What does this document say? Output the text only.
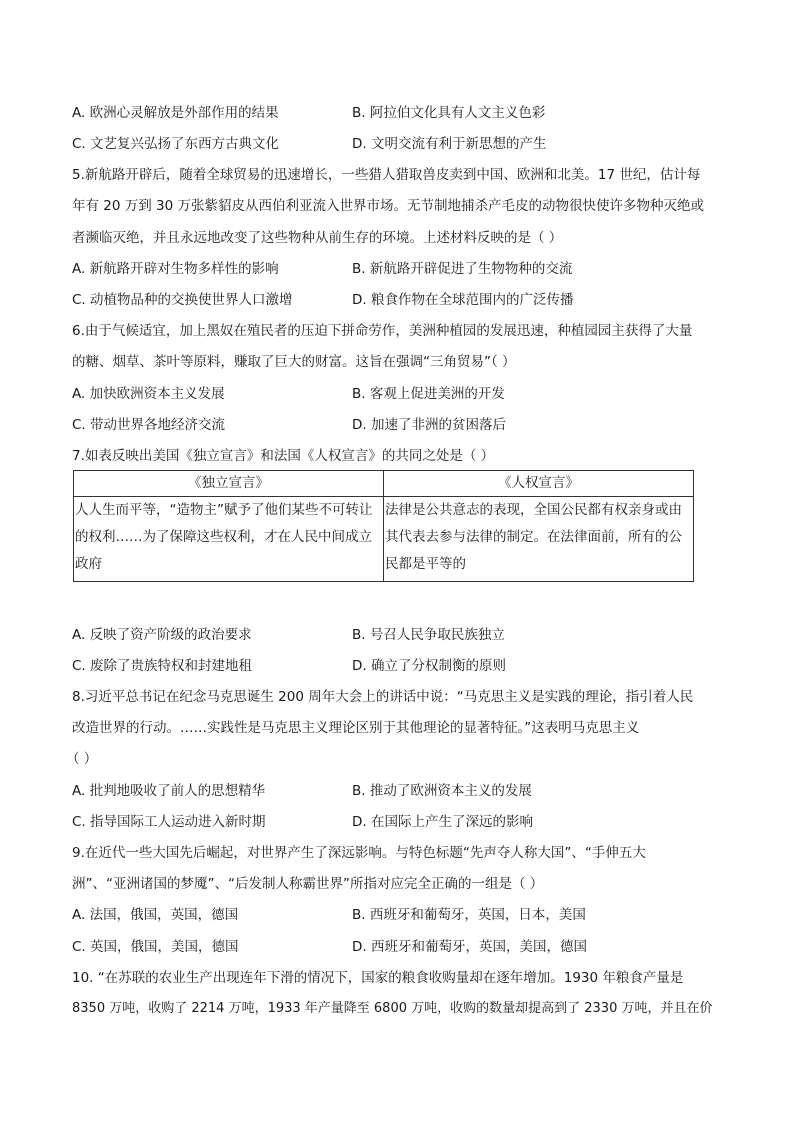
A. 欧洲心灵解放是外部作用的结果	B. 阿拉伯文化具有人文主义色彩
C. 文艺复兴弘扬了东西方古典文化	D. 文明交流有利于新思想的产生
5.新航路开辟后，随着全球贸易的迅速增长，一些猎人猎取兽皮卖到中国、欧洲和北美。17 世纪，估计每
年有 20 万到 30 万张紫貂皮从西伯利亚流入世界市场。无节制地捕杀产毛皮的动物很快使许多物种灭绝或
者濒临灭绝，并且永远地改变了这些物种从前生存的环境。上述材料反映的是（ ）
A. 新航路开辟对生物多样性的影响	B. 新航路开辟促进了生物物种的交流
C. 动植物品种的交换使世界人口激增	D. 粮食作物在全球范围内的广泛传播
6.由于气候适宜，加上黑奴在殖民者的压迫下拼命劳作，美洲种植园的发展迅速，种植园园主获得了大量
的糖、烟草、茶叶等原料，赚取了巨大的财富。这旨在强调“三角贸易”（ ）
A. 加快欧洲资本主义发展	B. 客观上促进美洲的开发
C. 带动世界各地经济交流	D. 加速了非洲的贫困落后
7.如表反映出美国《独立宣言》和法国《人权宣言》的共同之处是（ ）
《独立宣言》	《人权宣言》
人人生而平等，“造物主”赋予了他们某些不可转让的权利……为了保障这些权利，才在人民中间成立政府	法律是公共意志的表现，全国公民都有权亲身或由其代表去参与法律的制定。在法律面前，所有的公民都是平等的
A. 反映了资产阶级的政治要求	B. 号召人民争取民族独立
C. 废除了贵族特权和封建地租	D. 确立了分权制衡的原则
8.习近平总书记在纪念马克思诞生 200 周年大会上的讲话中说：“马克思主义是实践的理论，指引着人民
改造世界的行动。……实践性是马克思主义理论区别于其他理论的显著特征。”这表明马克思主义
（ ）
A. 批判地吸收了前人的思想精华	B. 推动了欧洲资本主义的发展
C. 指导国际工人运动进入新时期	D. 在国际上产生了深远的影响
9.在近代一些大国先后崛起，对世界产生了深远影响。与特色标题“先声夺人称大国”、“手伸五大
洲”、“亚洲诸国的梦魇”、“后发制人称霸世界”所指对应完全正确的一组是（ ）
A. 法国，俄国，英国，德国	B. 西班牙和葡萄牙，英国，日本，美国
C. 英国，俄国，美国，德国	D. 西班牙和葡萄牙，英国，美国，德国
10. “在苏联的农业生产出现连年下滑的情况下，国家的粮食收购量却在逐年增加。1930 年粮食产量是
8350 万吨，收购了 2214 万吨，1933 年产量降至 6800 万吨，收购的数量却提高到了 2330 万吨，并且在价
